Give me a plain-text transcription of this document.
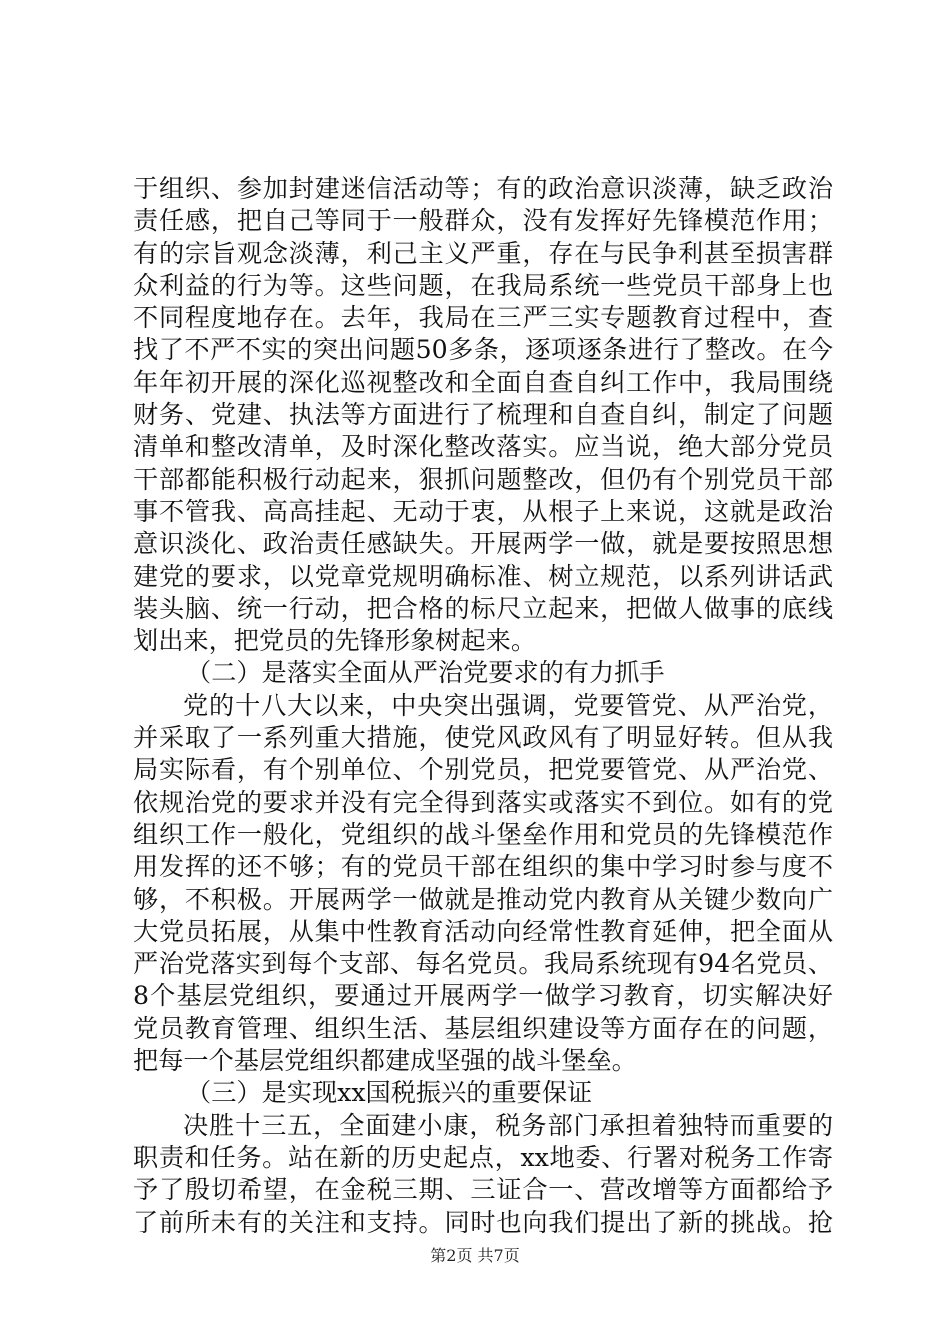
于组织、参加封建迷信活动等；有的政治意识淡薄，缺乏政治
责任感，把自己等同于一般群众，没有发挥好先锋模范作用；
有的宗旨观念淡薄，利己主义严重，存在与民争利甚至损害群
众利益的行为等。这些问题，在我局系统一些党员干部身上也
不同程度地存在。去年，我局在三严三实专题教育过程中，查
找了不严不实的突出问题50多条，逐项逐条进行了整改。在今
年年初开展的深化巡视整改和全面自查自纠工作中，我局围绕
财务、党建、执法等方面进行了梳理和自查自纠，制定了问题
清单和整改清单，及时深化整改落实。应当说，绝大部分党员
干部都能积极行动起来，狠抓问题整改，但仍有个别党员干部
事不管我、高高挂起、无动于衷，从根子上来说，这就是政治
意识淡化、政治责任感缺失。开展两学一做，就是要按照思想
建党的要求，以党章党规明确标准、树立规范，以系列讲话武
装头脑、统一行动，把合格的标尺立起来，把做人做事的底线
划出来，把党员的先锋形象树起来。
（二）是落实全面从严治党要求的有力抓手
党的十八大以来，中央突出强调，党要管党、从严治党，
并采取了一系列重大措施，使党风政风有了明显好转。但从我
局实际看，有个别单位、个别党员，把党要管党、从严治党、
依规治党的要求并没有完全得到落实或落实不到位。如有的党
组织工作一般化，党组织的战斗堡垒作用和党员的先锋模范作
用发挥的还不够；有的党员干部在组织的集中学习时参与度不
够，不积极。开展两学一做就是推动党内教育从关键少数向广
大党员拓展，从集中性教育活动向经常性教育延伸，把全面从
严治党落实到每个支部、每名党员。我局系统现有94名党员、
8个基层党组织，要通过开展两学一做学习教育，切实解决好
党员教育管理、组织生活、基层组织建设等方面存在的问题，
把每一个基层党组织都建成坚强的战斗堡垒。
（三）是实现xx国税振兴的重要保证
决胜十三五，全面建小康，税务部门承担着独特而重要的
职责和任务。站在新的历史起点，xx地委、行署对税务工作寄
予了殷切希望，在金税三期、三证合一、营改增等方面都给予
了前所未有的关注和支持。同时也向我们提出了新的挑战。抢
第2页 共7页
